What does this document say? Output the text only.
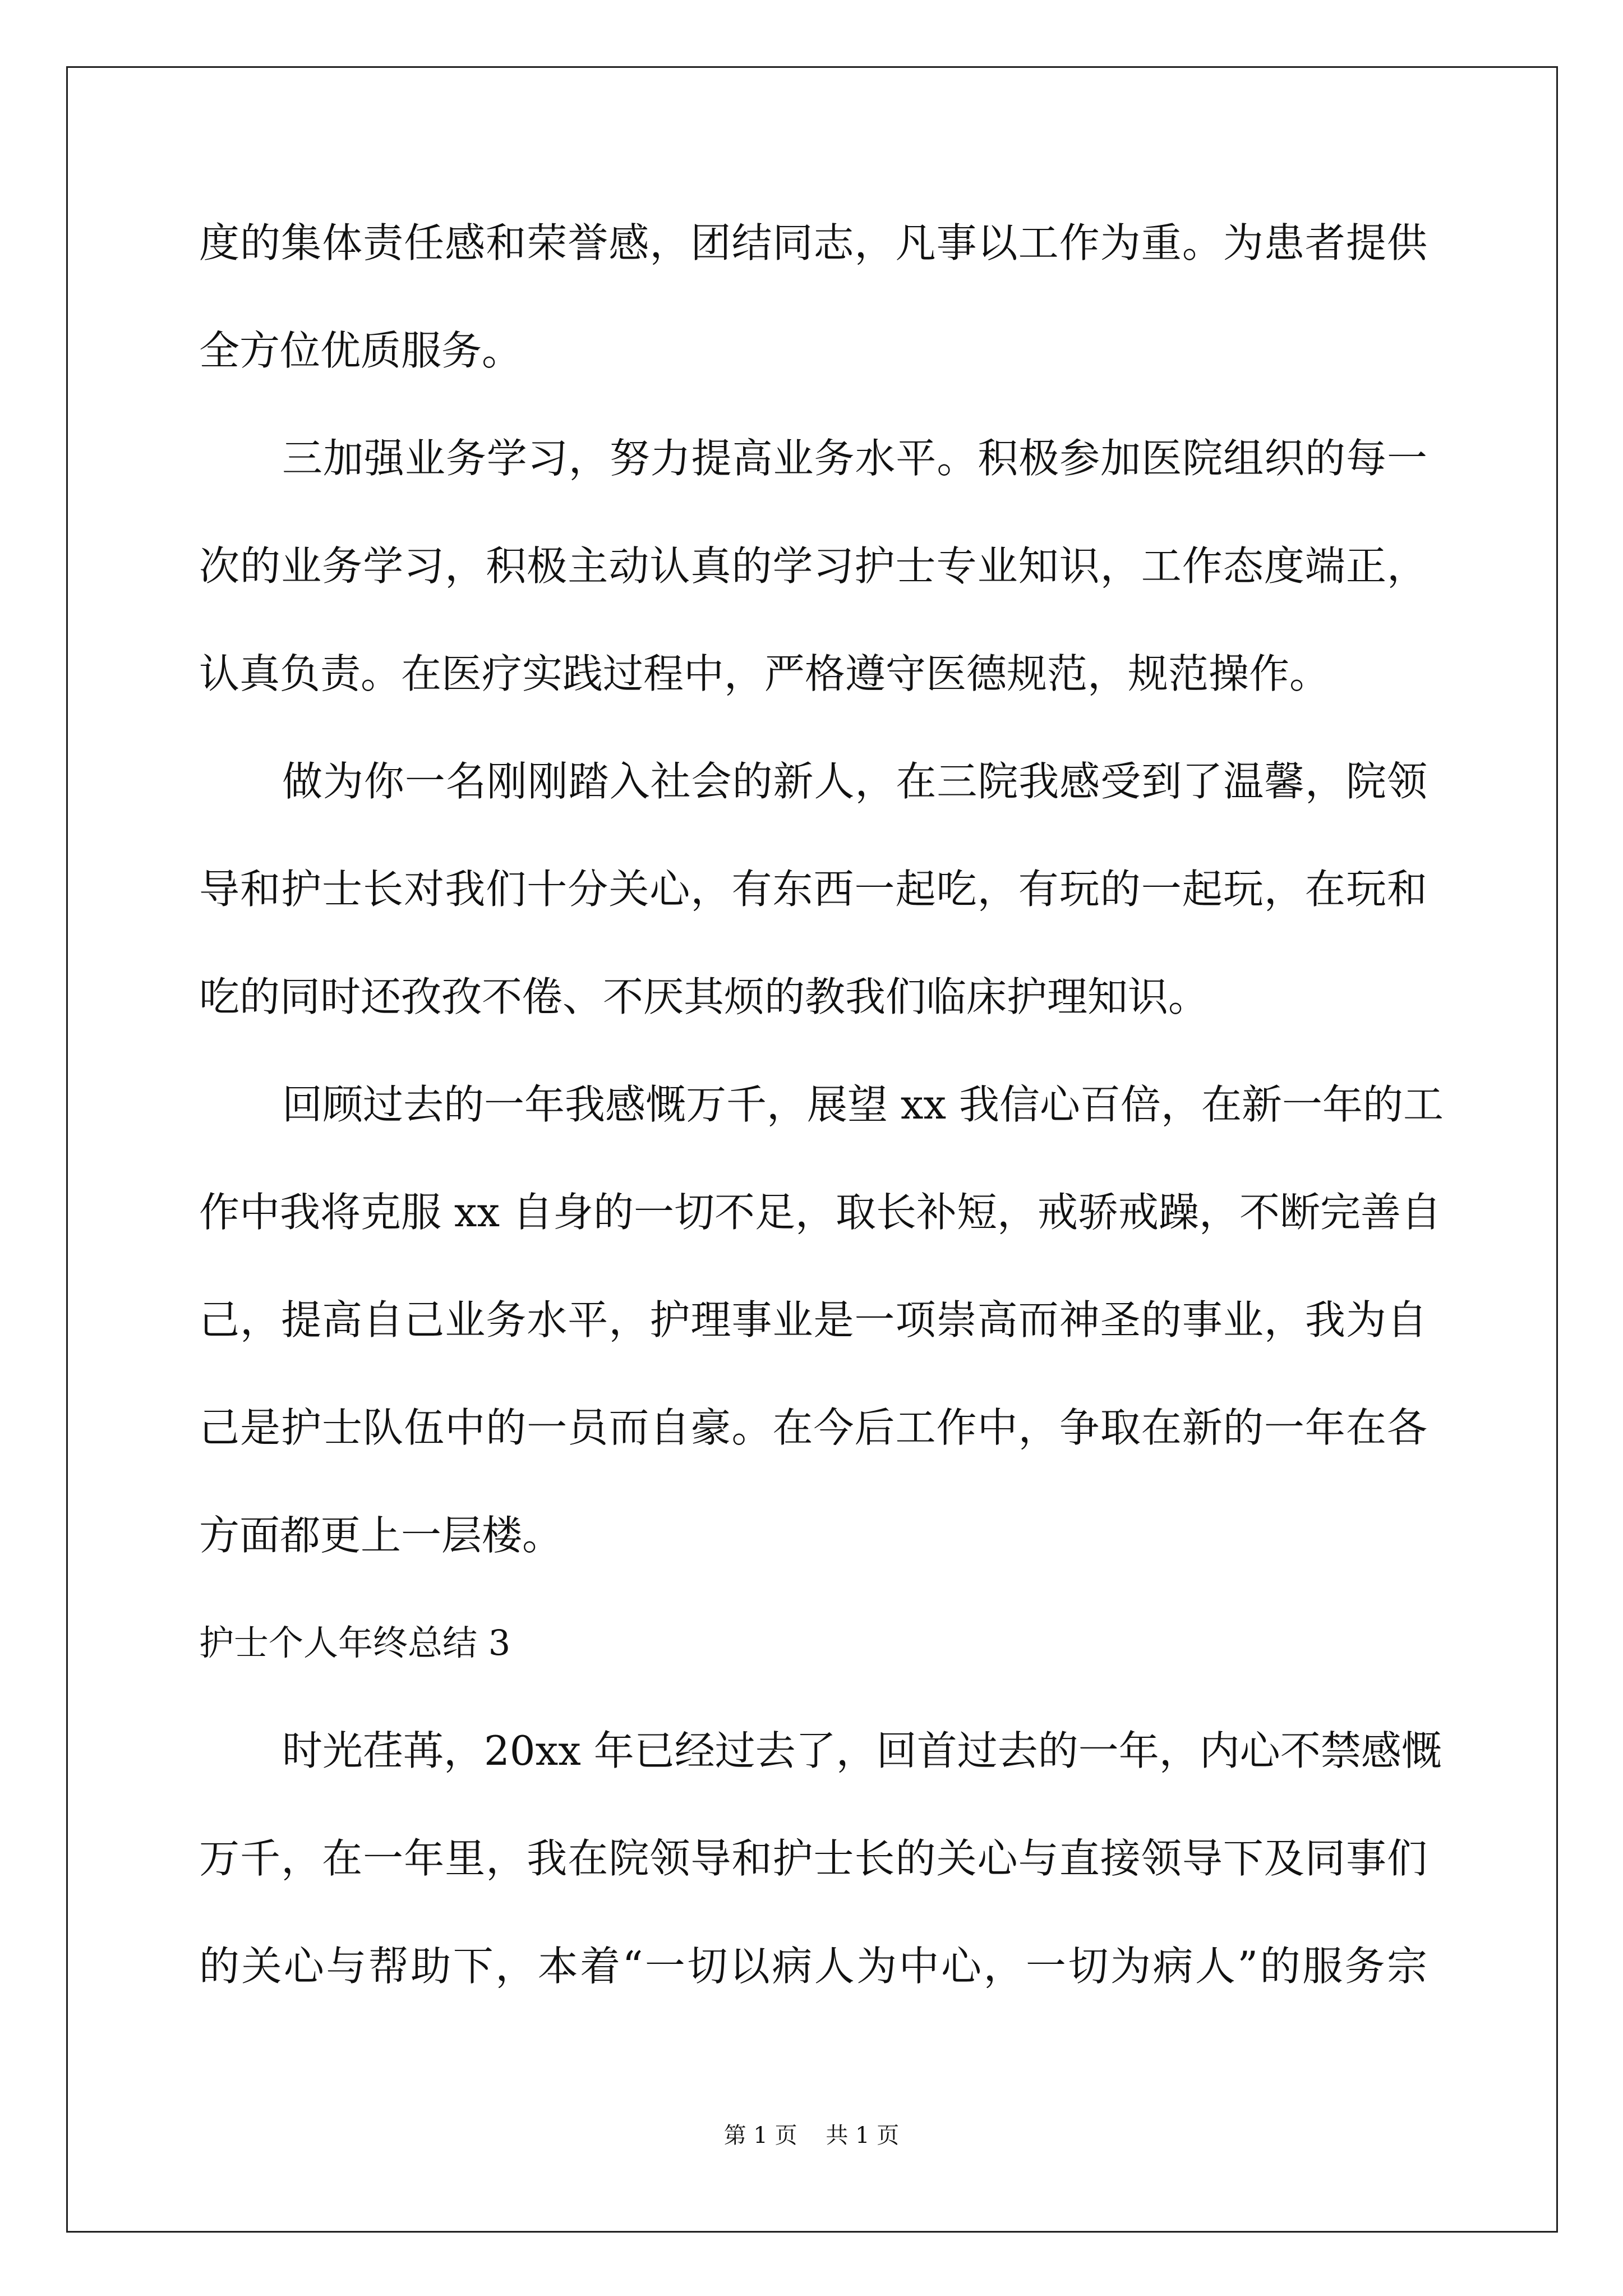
度的集体责任感和荣誉感，团结同志，凡事以工作为重。为患者提供

全方位优质服务。

三加强业务学习，努力提高业务水平。积极参加医院组织的每一

次的业务学习，积极主动认真的学习护士专业知识，工作态度端正，

认真负责。在医疗实践过程中，严格遵守医德规范，规范操作。

做为你一名刚刚踏入社会的新人，在三院我感受到了温馨，院领

导和护士长对我们十分关心，有东西一起吃，有玩的一起玩，在玩和

吃的同时还孜孜不倦、不厌其烦的教我们临床护理知识。

回顾过去的一年我感慨万千，展望 xx 我信心百倍，在新一年的工

作中我将克服 xx 自身的一切不足，取长补短，戒骄戒躁，不断完善自

己，提高自己业务水平，护理事业是一项崇高而神圣的事业，我为自

己是护士队伍中的一员而自豪。在今后工作中，争取在新的一年在各

方面都更上一层楼。

护士个人年终总结 3

时光荏苒，20xx 年已经过去了，回首过去的一年，内心不禁感慨

万千，在一年里，我在院领导和护士长的关心与直接领导下及同事们

的关心与帮助下，本着“一切以病人为中心，一切为病人”的服务宗

第 1 页    共 1 页
